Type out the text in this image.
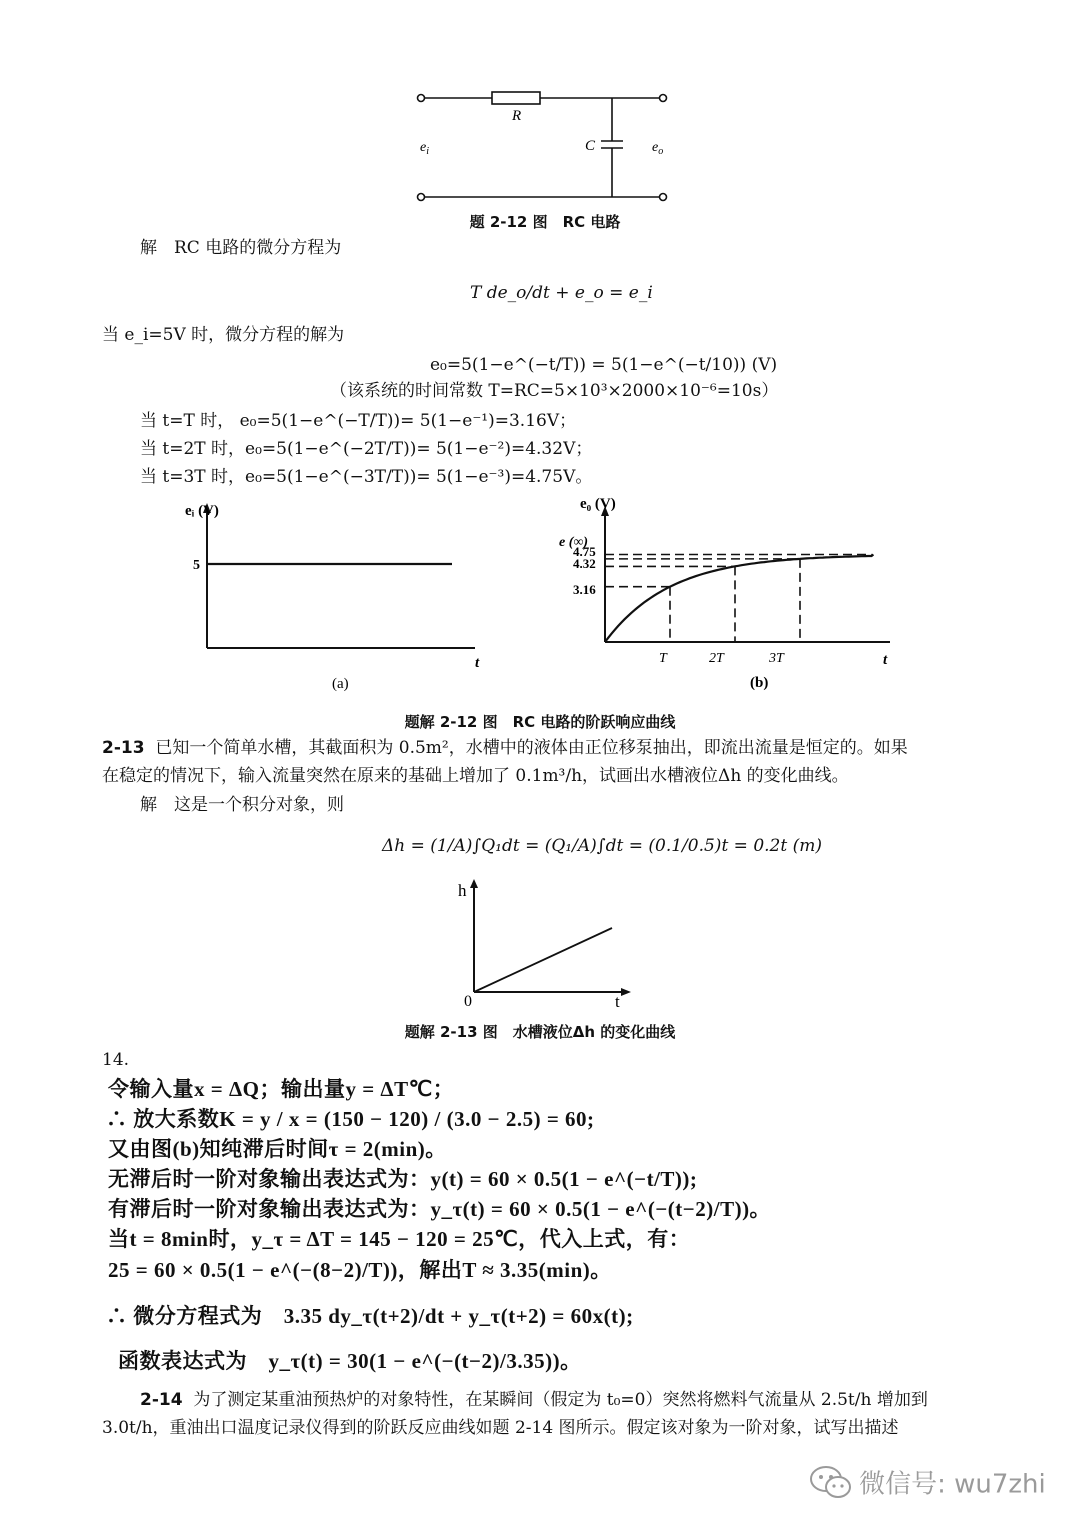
R
C
$e_i$	$e_o$
题 2-12 图　RC 电路
解　RC 电路的微分方程为
T de_o/dt + e_o = e_i
当 e_i=5V 时，微分方程的解为
e₀=5(1−e^(−t/T)) = 5(1−e^(−t/10)) (V)
（该系统的时间常数 T=RC=5×10³×2000×10⁻⁶=10s）
当 t=T 时， e₀=5(1−e^(−T/T))= 5(1−e⁻¹)=3.16V；
当 t=2T 时，e₀=5(1−e^(−2T/T))= 5(1−e⁻²)=4.32V；
当 t=3T 时，e₀=5(1−e^(−3T/T))= 5(1−e⁻³)=4.75V。
eᵢ (V)
5
t
(a)
e₀ (V)
e (∞)
4.75
4.32
3.16
T	2T	3T	t
(b)
题解 2-12 图　RC 电路的阶跃响应曲线
2-13 已知一个简单水槽，其截面积为 0.5m²，水槽中的液体由正位移泵抽出，即流出流量是恒定的。如果
在稳定的情况下，输入流量突然在原来的基础上增加了 0.1m³/h，试画出水槽液位Δh 的变化曲线。
解　这是一个积分对象，则
Δh = (1/A)∫Q₁dt = (Q₁/A)∫dt = (0.1/0.5)t = 0.2t (m)
h
0	t
题解 2-13 图　水槽液位Δh 的变化曲线
14.
令输入量x = ΔQ；输出量y = ΔT℃；
∴ 放大系数K = y / x = (150 − 120) / (3.0 − 2.5) = 60;
又由图(b)知纯滞后时间τ = 2(min)。
无滞后时一阶对象输出表达式为：y(t) = 60 × 0.5(1 − e^(−t/T));
有滞后时一阶对象输出表达式为：y_τ(t) = 60 × 0.5(1 − e^(−(t−2)/T))。
当t = 8min时，y_τ = ΔT = 145 − 120 = 25℃，代入上式，有：
25 = 60 × 0.5(1 − e^(−(8−2)/T))，解出T ≈ 3.35(min)。
∴ 微分方程式为　3.35 dy_τ(t+2)/dt + y_τ(t+2) = 60x(t);
函数表达式为　y_τ(t) = 30(1 − e^(−(t−2)/3.35))。
2-14 为了测定某重油预热炉的对象特性，在某瞬间（假定为 t₀=0）突然将燃料气流量从 2.5t/h 增加到
3.0t/h，重油出口温度记录仪得到的阶跃反应曲线如题 2-14 图所示。假定该对象为一阶对象，试写出描述
微信号: wu7zhi
